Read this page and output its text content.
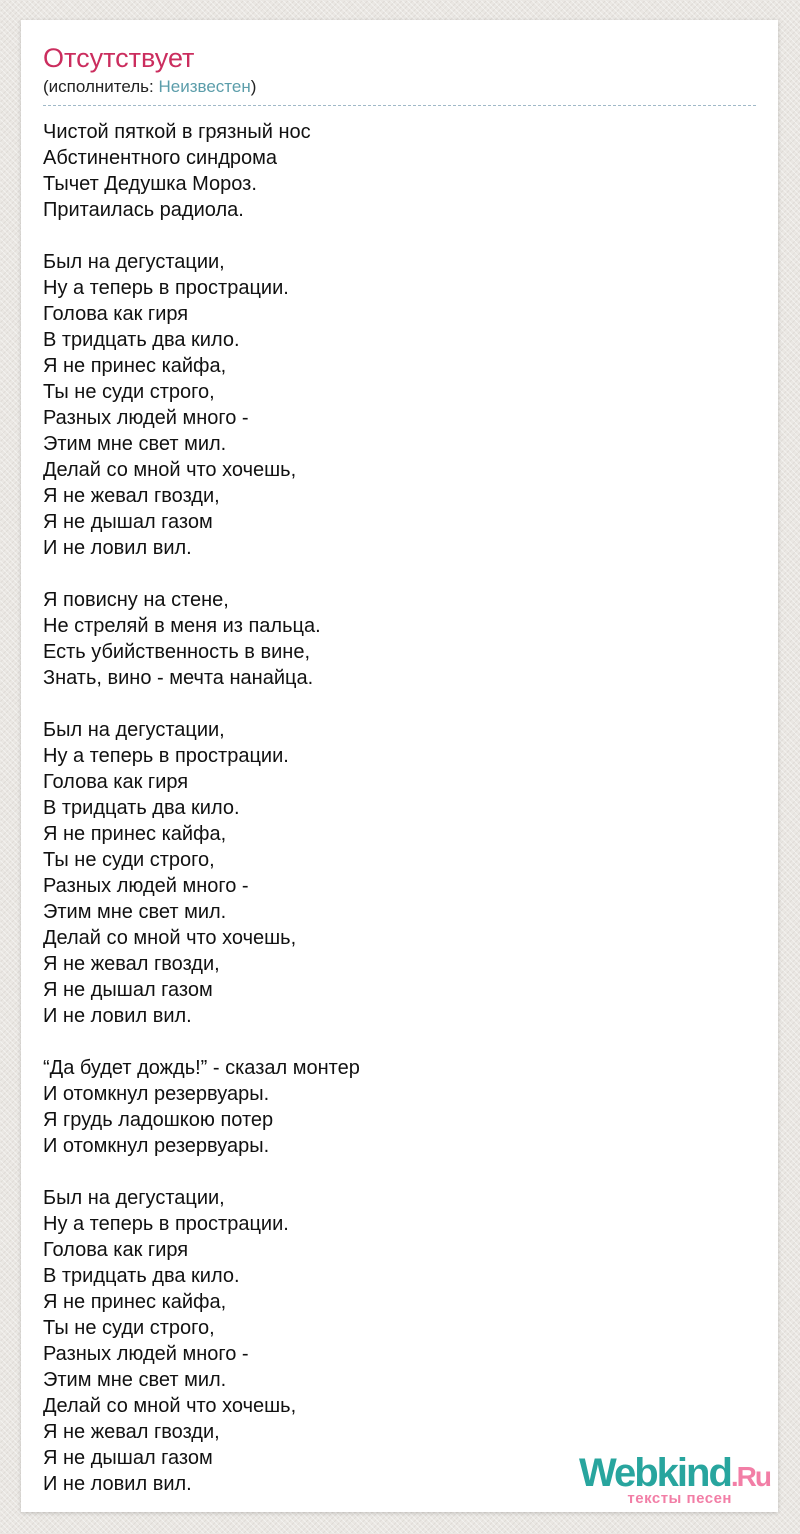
Отсутствует
(исполнитель: Неизвестен)

Чистой пяткой в грязный нос
Абстинентного синдрома
Тычет Дедушка Мороз.
Притаилась радиола.

Был на дегустации,
Ну а теперь в прострации.
Голова как гиря
В тридцать два кило.
Я не принес кайфа,
Ты не суди строго,
Разных людей много -
Этим мне свет мил.
Делай со мной что хочешь,
Я не жевал гвозди,
Я не дышал газом
И не ловил вил.

Я повисну на стене,
Не стреляй в меня из пальца.
Есть убийственность в вине,
Знать, вино - мечта нанайца.

Был на дегустации,
Ну а теперь в прострации.
Голова как гиря
В тридцать два кило.
Я не принес кайфа,
Ты не суди строго,
Разных людей много -
Этим мне свет мил.
Делай со мной что хочешь,
Я не жевал гвозди,
Я не дышал газом
И не ловил вил.

“Да будет дождь!” - сказал монтер
И отомкнул резервуары.
Я грудь ладошкою потер
И отомкнул резервуары.

Был на дегустации,
Ну а теперь в прострации.
Голова как гиря
В тридцать два кило.
Я не принес кайфа,
Ты не суди строго,
Разных людей много -
Этим мне свет мил.
Делай со мной что хочешь,
Я не жевал гвозди,
Я не дышал газом
И не ловил вил.	Webkind.Ru
тексты песен
